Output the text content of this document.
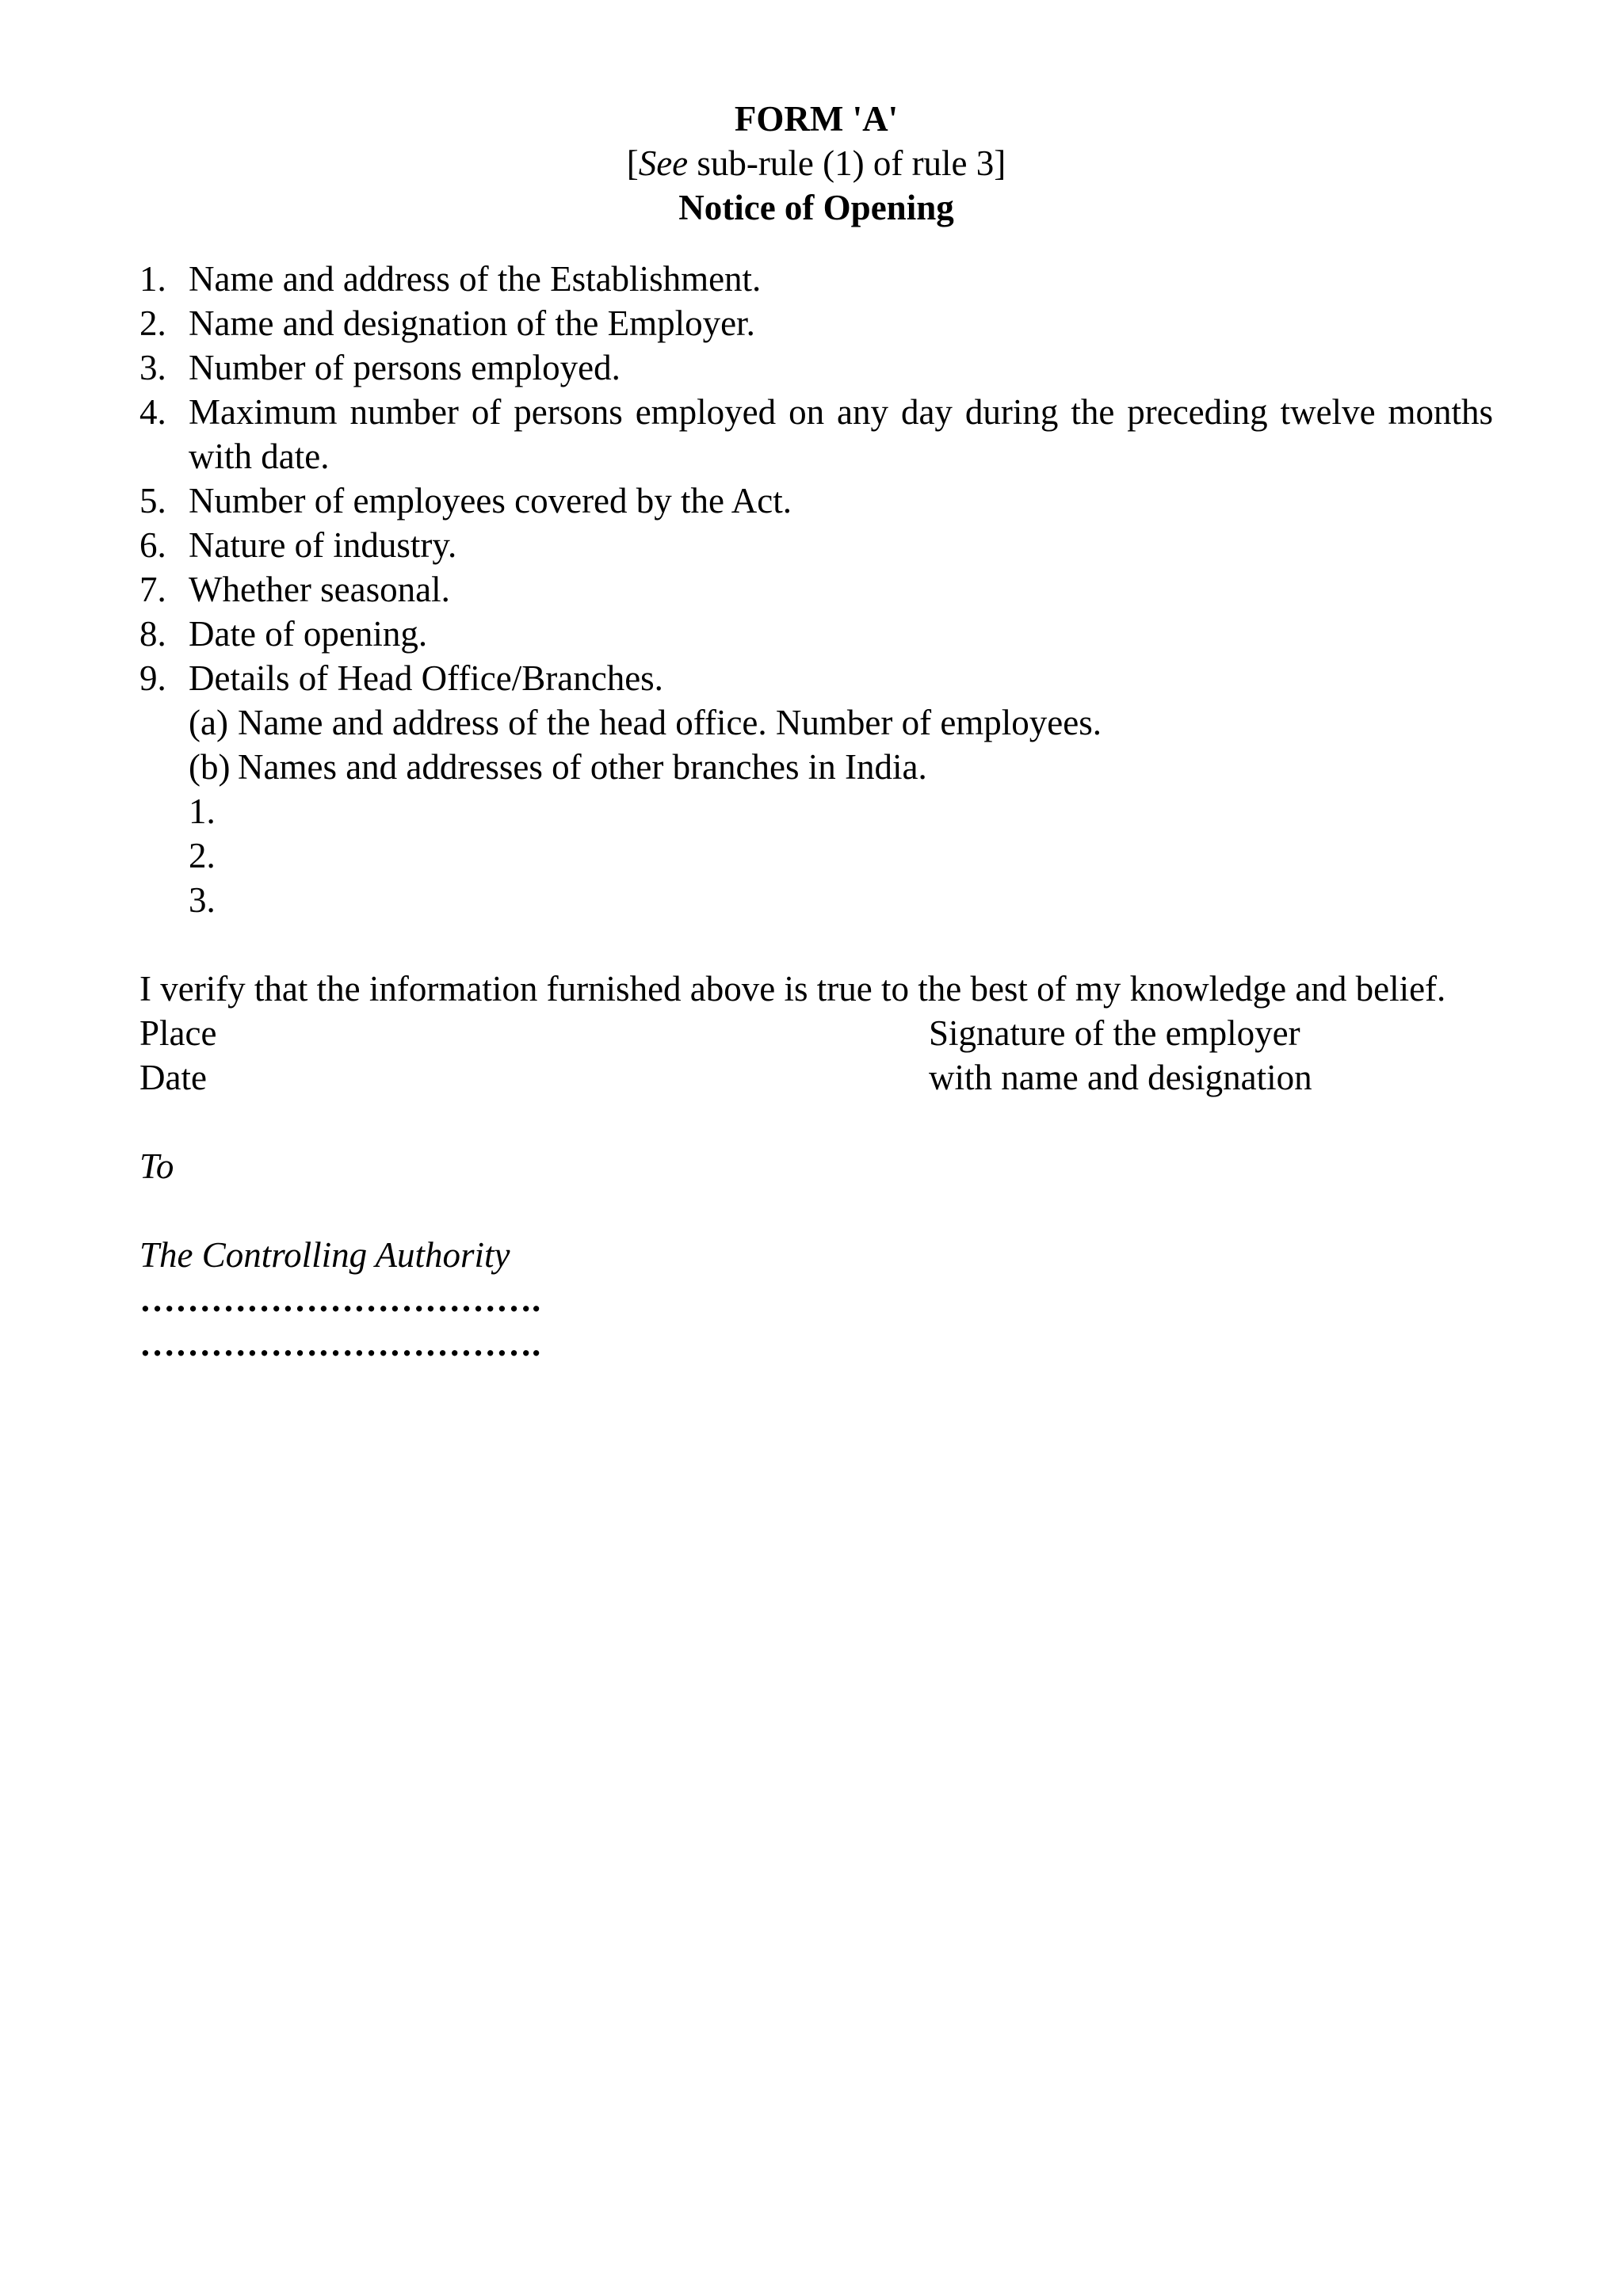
FORM 'A'
[See sub-rule (1) of rule 3]
Notice of Opening
1. Name and address of the Establishment.
2. Name and designation of the Employer.
3. Number of persons employed.
4. Maximum number of persons employed on any day during the preceding twelve months with date.
5. Number of employees covered by the Act.
6. Nature of industry.
7. Whether seasonal.
8. Date of opening.
9. Details of Head Office/Branches.
(a) Name and address of the head office. Number of employees.
(b) Names and addresses of other branches in India.
1.
2.
3.
I verify that the information furnished above is true to the best of my knowledge and belief.
Place	Signature of the employer
Date	with name and designation
To
The Controlling Authority
…………………………….
…………………………….
